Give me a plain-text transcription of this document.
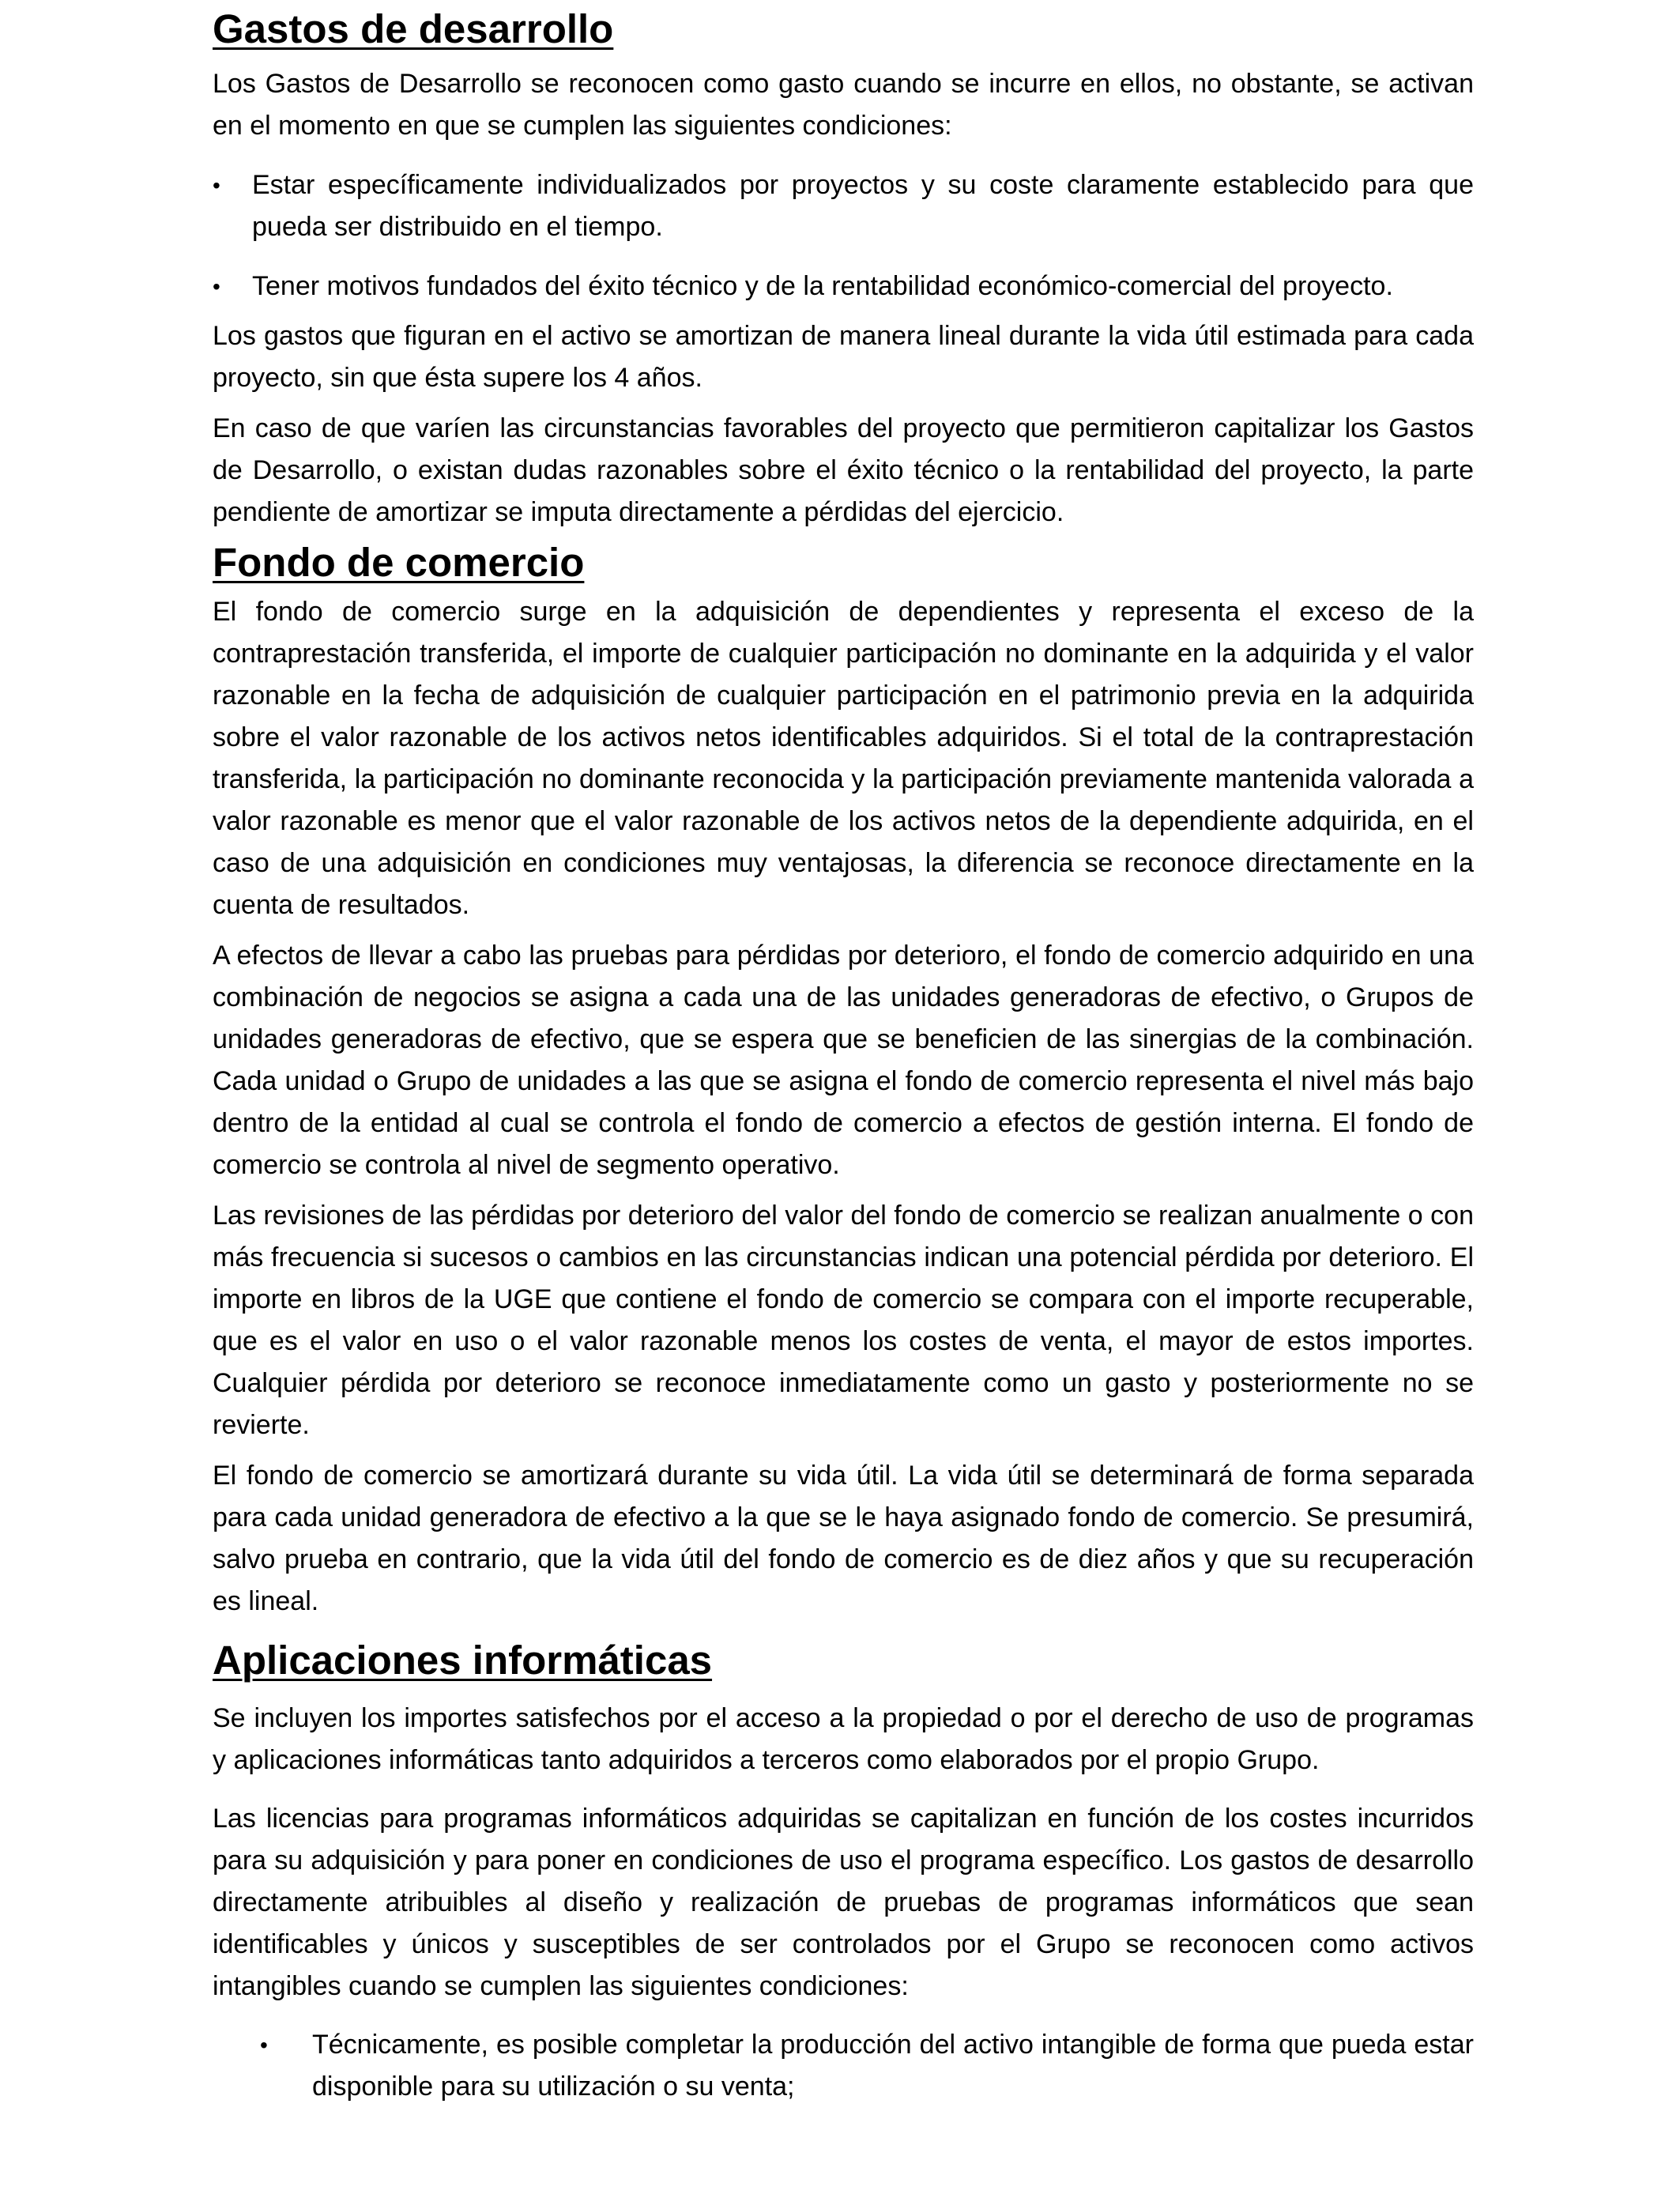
Gastos de desarrollo

Los Gastos de Desarrollo se reconocen como gasto cuando se incurre en ellos, no obstante, se activan en el momento en que se cumplen las siguientes condiciones:

• Estar específicamente individualizados por proyectos y su coste claramente establecido para que pueda ser distribuido en el tiempo.
• Tener motivos fundados del éxito técnico y de la rentabilidad económico-comercial del proyecto.

Los gastos que figuran en el activo se amortizan de manera lineal durante la vida útil estimada para cada proyecto, sin que ésta supere los 4 años.

En caso de que varíen las circunstancias favorables del proyecto que permitieron capitalizar los Gastos de Desarrollo, o existan dudas razonables sobre el éxito técnico o la rentabilidad del proyecto, la parte pendiente de amortizar se imputa directamente a pérdidas del ejercicio.

Fondo de comercio

El fondo de comercio surge en la adquisición de dependientes y representa el exceso de la contraprestación transferida, el importe de cualquier participación no dominante en la adquirida y el valor razonable en la fecha de adquisición de cualquier participación en el patrimonio previa en la adquirida sobre el valor razonable de los activos netos identificables adquiridos. Si el total de la contraprestación transferida, la participación no dominante reconocida y la participación previamente mantenida valorada a valor razonable es menor que el valor razonable de los activos netos de la dependiente adquirida, en el caso de una adquisición en condiciones muy ventajosas, la diferencia se reconoce directamente en la cuenta de resultados.

A efectos de llevar a cabo las pruebas para pérdidas por deterioro, el fondo de comercio adquirido en una combinación de negocios se asigna a cada una de las unidades generadoras de efectivo, o Grupos de unidades generadoras de efectivo, que se espera que se beneficien de las sinergias de la combinación. Cada unidad o Grupo de unidades a las que se asigna el fondo de comercio representa el nivel más bajo dentro de la entidad al cual se controla el fondo de comercio a efectos de gestión interna. El fondo de comercio se controla al nivel de segmento operativo.

Las revisiones de las pérdidas por deterioro del valor del fondo de comercio se realizan anualmente o con más frecuencia si sucesos o cambios en las circunstancias indican una potencial pérdida por deterioro. El importe en libros de la UGE que contiene el fondo de comercio se compara con el importe recuperable, que es el valor en uso o el valor razonable menos los costes de venta, el mayor de estos importes. Cualquier pérdida por deterioro se reconoce inmediatamente como un gasto y posteriormente no se revierte.

El fondo de comercio se amortizará durante su vida útil. La vida útil se determinará de forma separada para cada unidad generadora de efectivo a la que se le haya asignado fondo de comercio. Se presumirá, salvo prueba en contrario, que la vida útil del fondo de comercio es de diez años y que su recuperación es lineal.

Aplicaciones informáticas

Se incluyen los importes satisfechos por el acceso a la propiedad o por el derecho de uso de programas y aplicaciones informáticas tanto adquiridos a terceros como elaborados por el propio Grupo.

Las licencias para programas informáticos adquiridas se capitalizan en función de los costes incurridos para su adquisición y para poner en condiciones de uso el programa específico. Los gastos de desarrollo directamente atribuibles al diseño y realización de pruebas de programas informáticos que sean identificables y únicos y susceptibles de ser controlados por el Grupo se reconocen como activos intangibles cuando se cumplen las siguientes condiciones:

• Técnicamente, es posible completar la producción del activo intangible de forma que pueda estar disponible para su utilización o su venta;
